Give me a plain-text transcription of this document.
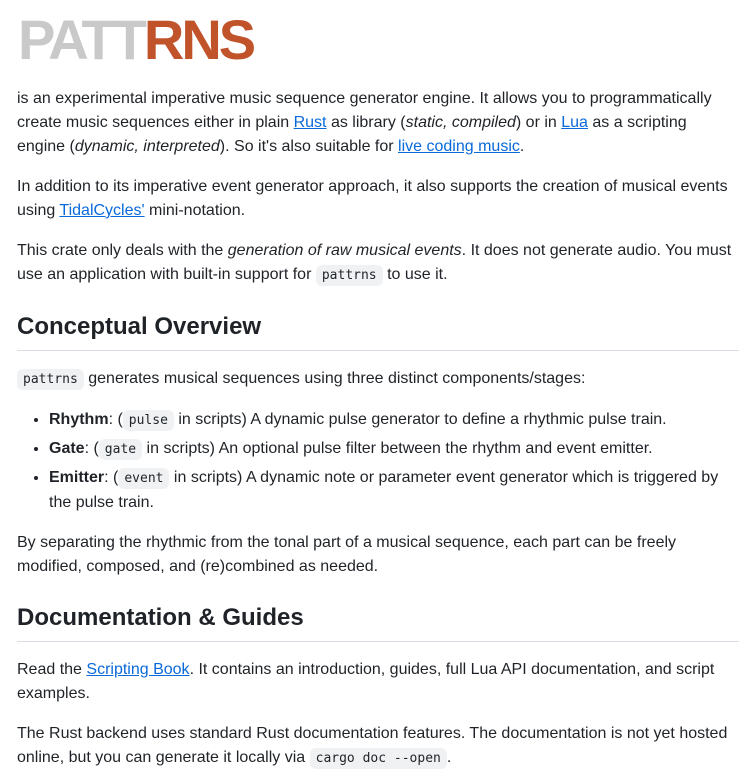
PATTRNS

is an experimental imperative music sequence generator engine. It allows you to programmatically create music sequences either in plain Rust as library (static, compiled) or in Lua as a scripting engine (dynamic, interpreted). So it's also suitable for live coding music.

In addition to its imperative event generator approach, it also supports the creation of musical events using TidalCycles' mini-notation.

This crate only deals with the generation of raw musical events. It does not generate audio. You must use an application with built-in support for pattrns to use it.

Conceptual Overview

pattrns generates musical sequences using three distinct components/stages:

• Rhythm: ( pulse in scripts) A dynamic pulse generator to define a rhythmic pulse train.
• Gate: ( gate in scripts) An optional pulse filter between the rhythm and event emitter.
• Emitter: ( event in scripts) A dynamic note or parameter event generator which is triggered by the pulse train.

By separating the rhythmic from the tonal part of a musical sequence, each part can be freely modified, composed, and (re)combined as needed.

Documentation & Guides

Read the Scripting Book. It contains an introduction, guides, full Lua API documentation, and script examples.

The Rust backend uses standard Rust documentation features. The documentation is not yet hosted online, but you can generate it locally via cargo doc --open .
